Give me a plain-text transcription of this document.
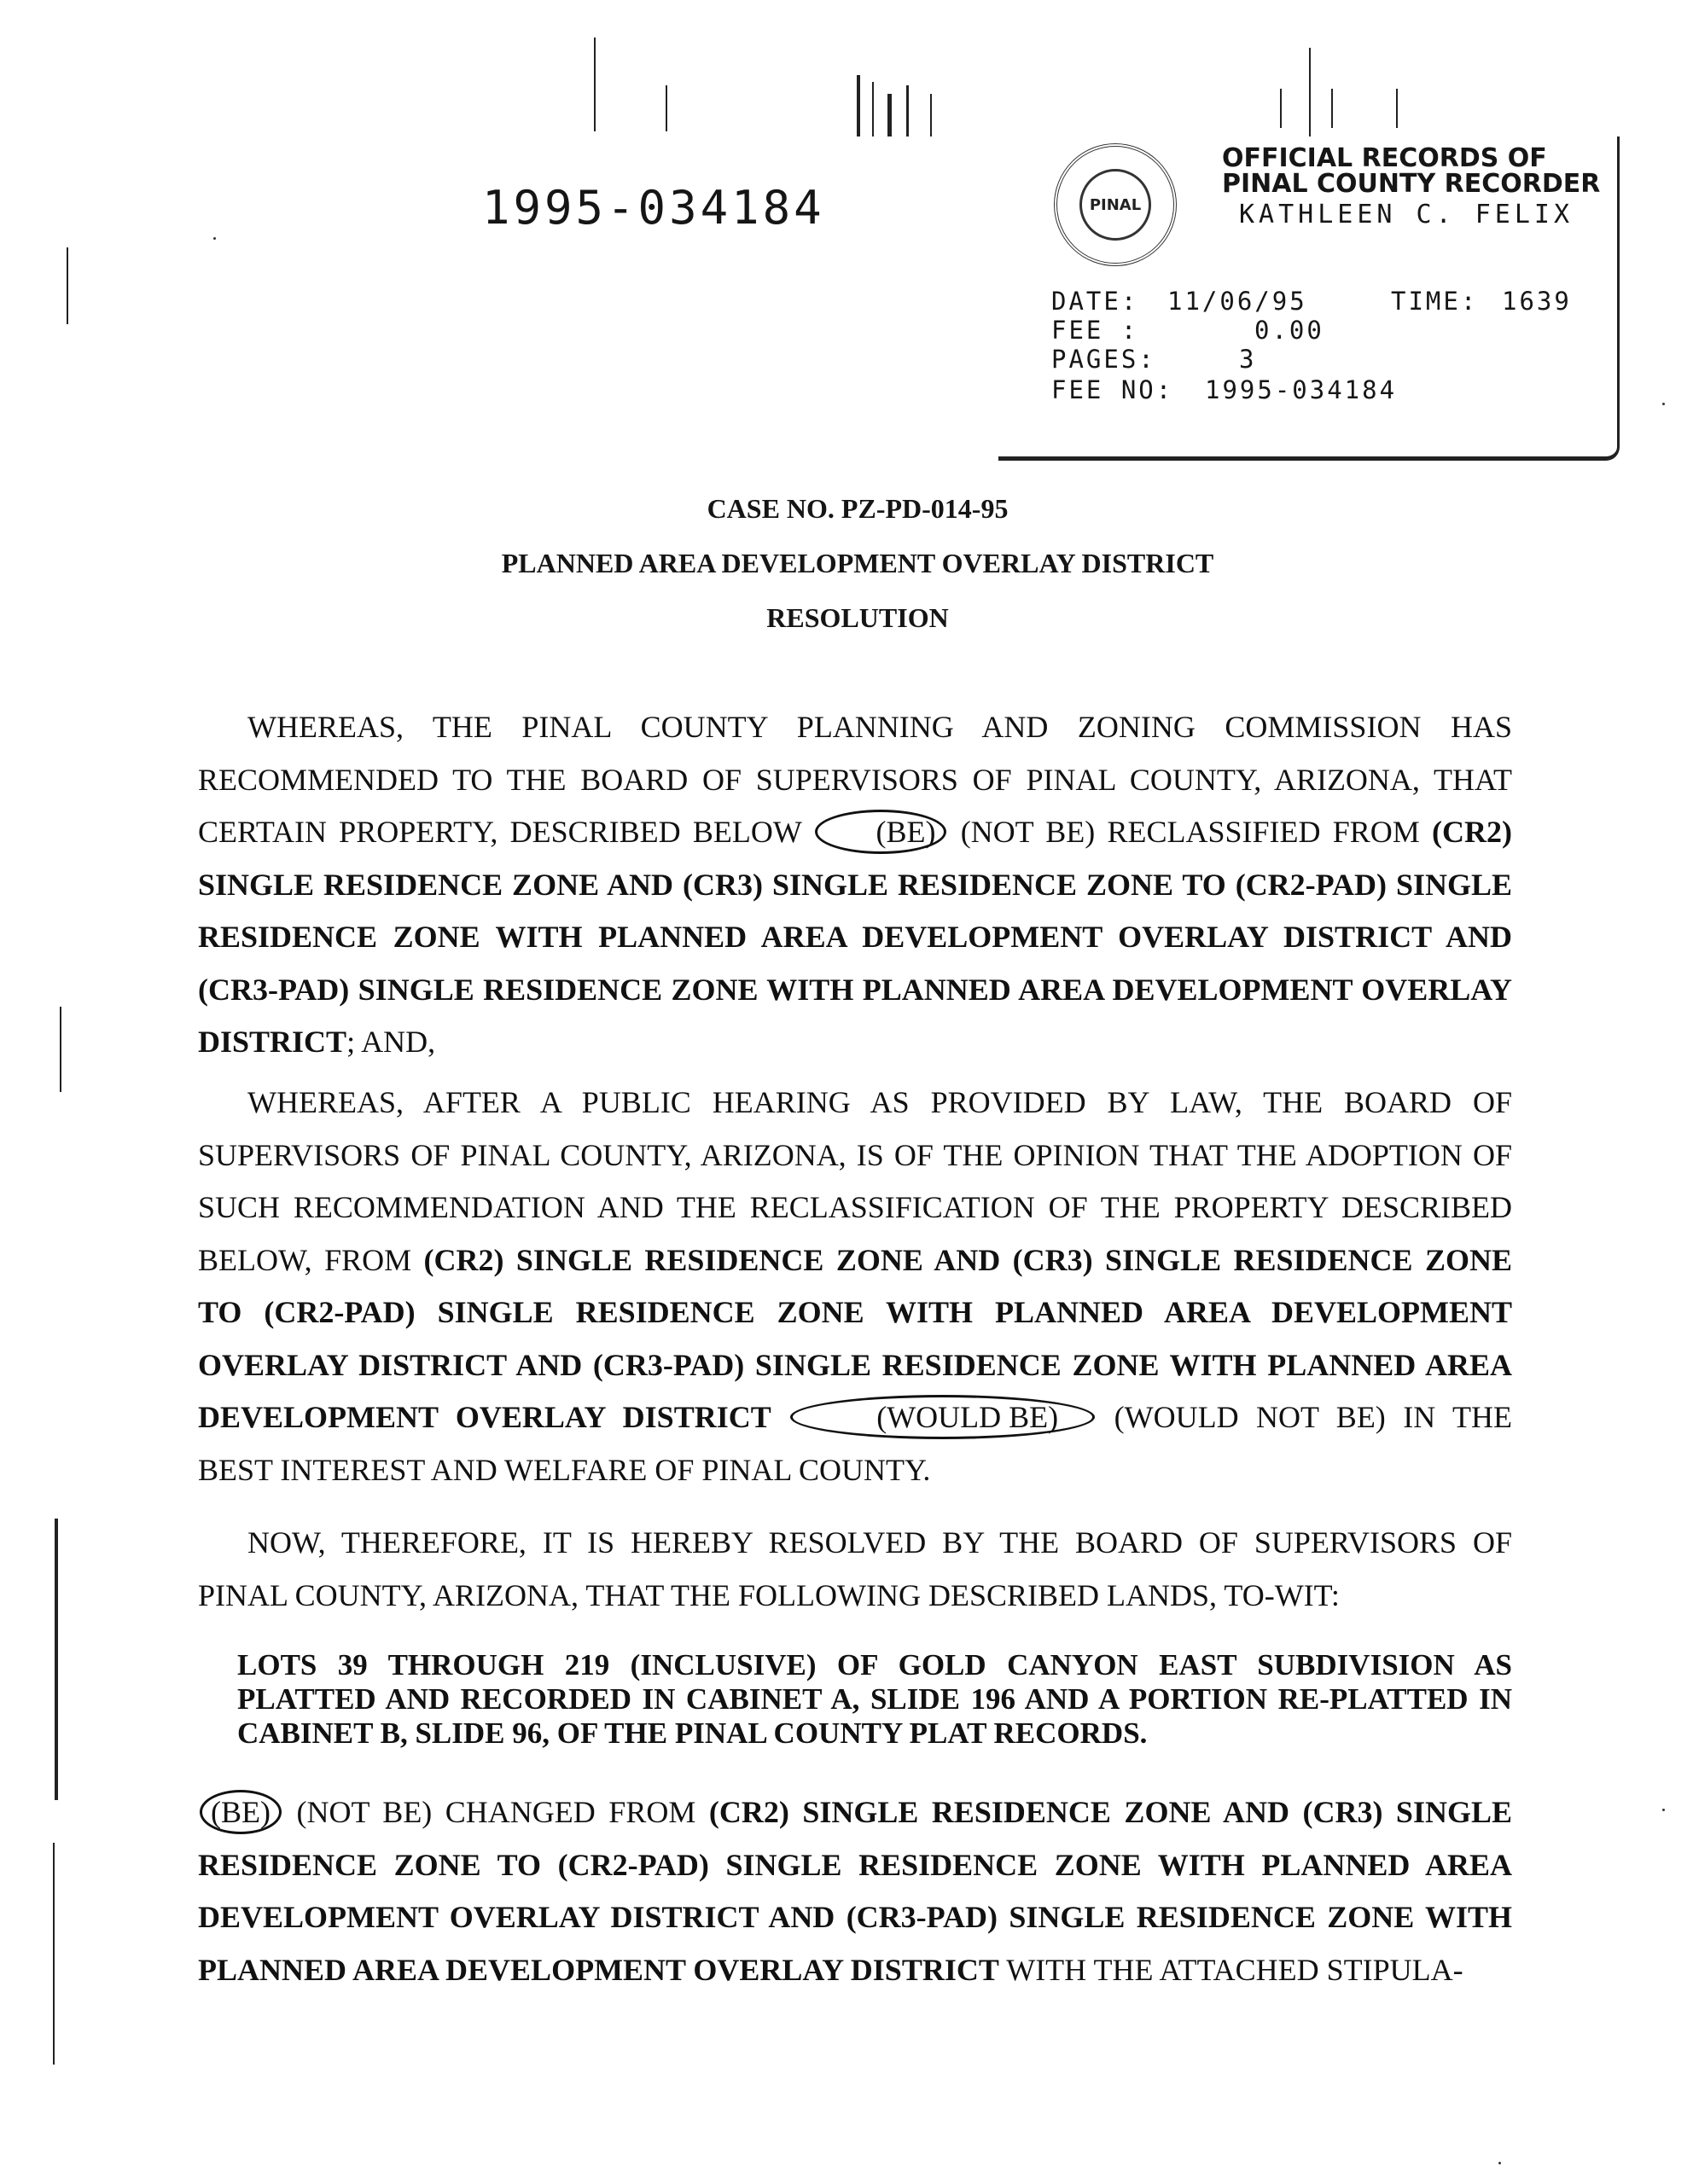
1995-034184	PINAL
OFFICIAL RECORDS OF
PINAL COUNTY RECORDER
KATHLEEN C. FELIX
DATE: 11/06/95	TIME: 1639
FEE :	0.00
PAGES:	3
FEE NO: 1995-034184
CASE NO. PZ-PD-014-95
PLANNED AREA DEVELOPMENT OVERLAY DISTRICT
RESOLUTION
WHEREAS, THE PINAL COUNTY PLANNING AND ZONING COMMISSION HAS RECOMMENDED TO THE BOARD OF SUPERVISORS OF PINAL COUNTY, ARIZONA, THAT CERTAIN PROPERTY, DESCRIBED BELOW (BE) (NOT BE) RECLASSIFIED FROM (CR2) SINGLE RESIDENCE ZONE AND (CR3) SINGLE RESIDENCE ZONE TO (CR2-PAD) SINGLE RESIDENCE ZONE WITH PLANNED AREA DEVELOPMENT OVERLAY DISTRICT AND (CR3-PAD) SINGLE RESIDENCE ZONE WITH PLANNED AREA DEVELOPMENT OVERLAY DISTRICT; AND,
WHEREAS, AFTER A PUBLIC HEARING AS PROVIDED BY LAW, THE BOARD OF SUPERVISORS OF PINAL COUNTY, ARIZONA, IS OF THE OPINION THAT THE ADOPTION OF SUCH RECOMMENDATION AND THE RECLASSIFICATION OF THE PROPERTY DESCRIBED BELOW, FROM (CR2) SINGLE RESIDENCE ZONE AND (CR3) SINGLE RESIDENCE ZONE TO (CR2-PAD) SINGLE RESIDENCE ZONE WITH PLANNED AREA DEVELOPMENT OVERLAY DISTRICT AND (CR3-PAD) SINGLE RESIDENCE ZONE WITH PLANNED AREA DEVELOPMENT OVERLAY DISTRICT	(WOULD BE) (WOULD NOT BE) IN THE BEST INTEREST AND WELFARE OF PINAL COUNTY.
NOW, THEREFORE, IT IS HEREBY RESOLVED BY THE BOARD OF SUPERVISORS OF PINAL COUNTY, ARIZONA, THAT THE FOLLOWING DESCRIBED LANDS, TO-WIT:
LOTS 39 THROUGH 219 (INCLUSIVE) OF GOLD CANYON EAST SUBDIVISION AS PLATTED AND RECORDED IN CABINET A, SLIDE 196 AND A PORTION RE-PLATTED IN CABINET B, SLIDE 96, OF THE PINAL COUNTY PLAT RECORDS.
(BE) (NOT BE) CHANGED FROM (CR2) SINGLE RESIDENCE ZONE AND (CR3) SINGLE RESIDENCE ZONE TO (CR2-PAD) SINGLE RESIDENCE ZONE WITH PLANNED AREA DEVELOPMENT OVERLAY DISTRICT AND (CR3-PAD) SINGLE RESIDENCE ZONE WITH PLANNED AREA DEVELOPMENT OVERLAY DISTRICT WITH THE ATTACHED STIPULA-
